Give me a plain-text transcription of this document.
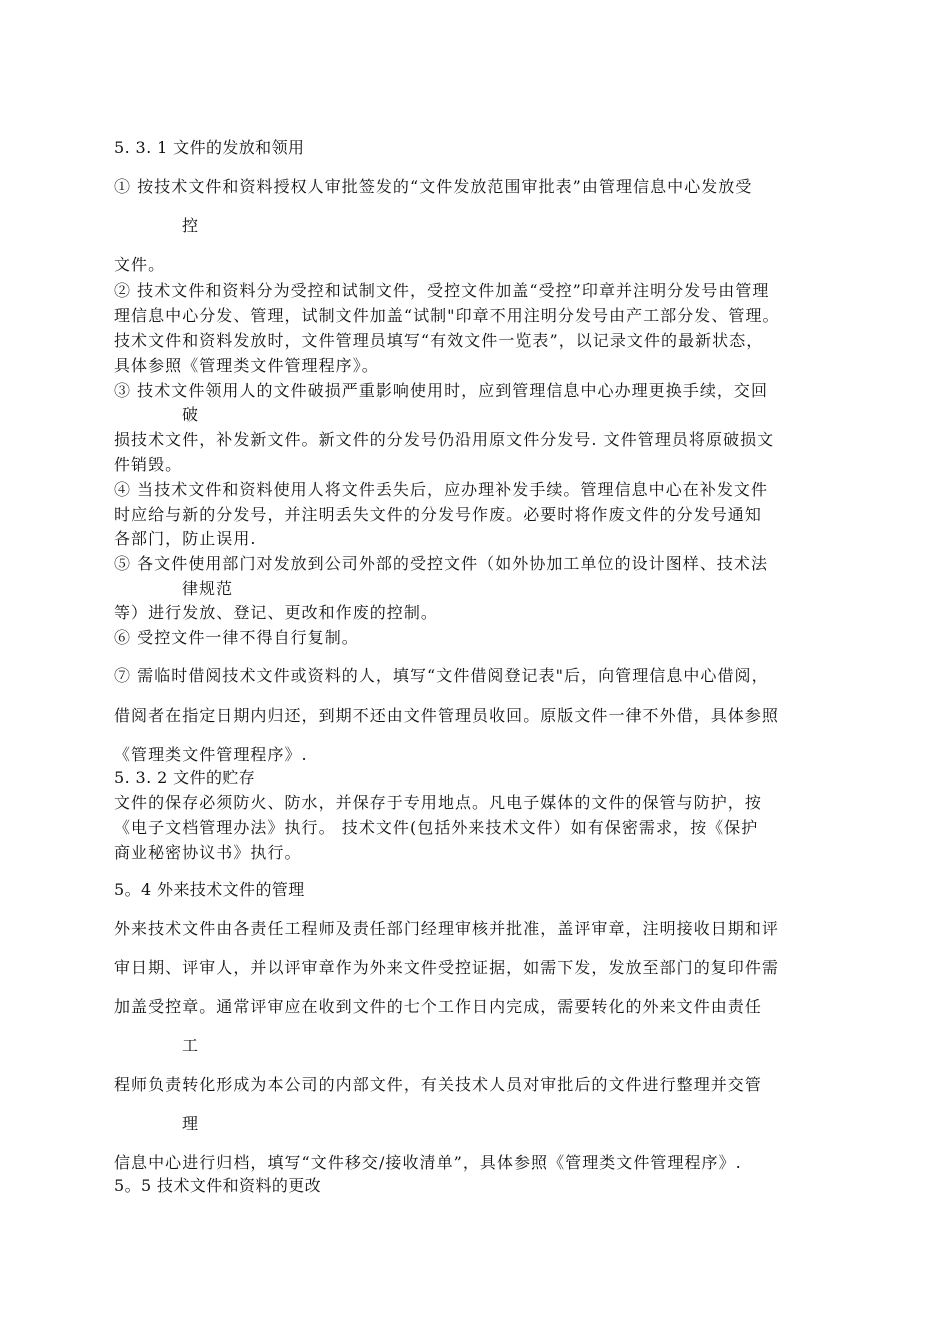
5. 3. 1 文件的发放和领用
① 按技术文件和资料授权人审批签发的“文件发放范围审批表”由管理信息中心发放受
控
文件。
② 技术文件和资料分为受控和试制文件，受控文件加盖“受控”印章并注明分发号由管理
理信息中心分发、管理，试制文件加盖“试制"印章不用注明分发号由产工部分发、管理。
技术文件和资料发放时，文件管理员填写“有效文件一览表”，以记录文件的最新状态，
具体参照《管理类文件管理程序》。
③ 技术文件领用人的文件破损严重影响使用时，应到管理信息中心办理更换手续，交回
破
损技术文件，补发新文件。新文件的分发号仍沿用原文件分发号. 文件管理员将原破损文
件销毁。
④ 当技术文件和资料使用人将文件丢失后，应办理补发手续。管理信息中心在补发文件
时应给与新的分发号，并注明丢失文件的分发号作废。必要时将作废文件的分发号通知
各部门，防止误用.
⑤ 各文件使用部门对发放到公司外部的受控文件（如外协加工单位的设计图样、技术法
律规范
等）进行发放、登记、更改和作废的控制。
⑥ 受控文件一律不得自行复制。
⑦ 需临时借阅技术文件或资料的人，填写“文件借阅登记表"后，向管理信息中心借阅，
借阅者在指定日期内归还，到期不还由文件管理员收回。原版文件一律不外借，具体参照
《管理类文件管理程序》.
5. 3. 2 文件的贮存
文件的保存必须防火、防水，并保存于专用地点。凡电子媒体的文件的保管与防护，按
《电子文档管理办法》执行。 技术文件(包括外来技术文件）如有保密需求，按《保护
商业秘密协议书》执行。
5。4 外来技术文件的管理
外来技术文件由各责任工程师及责任部门经理审核并批准，盖评审章，注明接收日期和评
审日期、评审人，并以评审章作为外来文件受控证据，如需下发，发放至部门的复印件需
加盖受控章。通常评审应在收到文件的七个工作日内完成，需要转化的外来文件由责任
工
程师负责转化形成为本公司的内部文件，有关技术人员对审批后的文件进行整理并交管
理
信息中心进行归档，填写“文件移交/接收清单”，具体参照《管理类文件管理程序》.
5。5 技术文件和资料的更改
